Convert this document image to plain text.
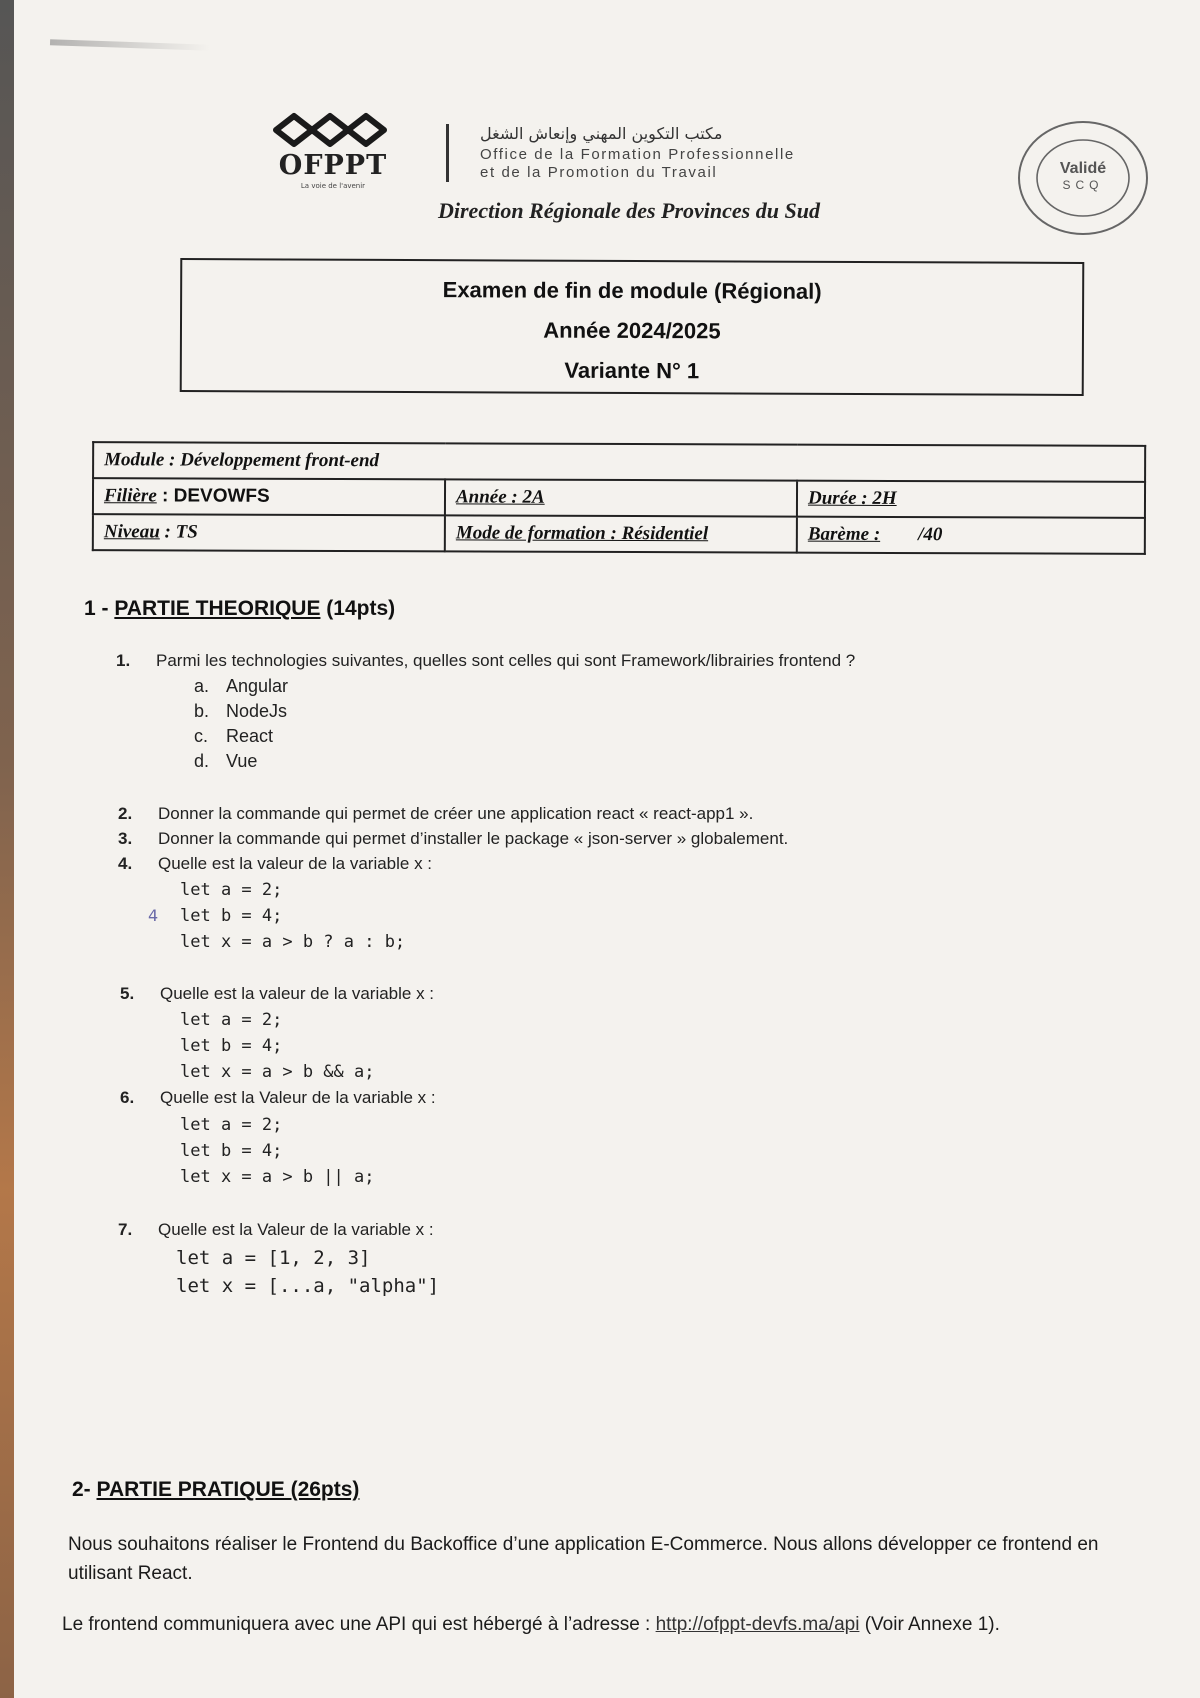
OFPPT
La voie de l'avenir
مكتب التكوين المهني وإنعاش الشغل
Office de la Formation Professionnelle
et de la Promotion du Travail
Direction Régionale des Provinces du Sud
Validé
SCQ
Examen de fin de module (Régional)
Année 2024/2025
Variante N° 1
Module : Développement front-end		
Filière : DEVOWFS	Année : 2A	Durée : 2H
Niveau : TS	Mode de formation : Résidentiel	Barème : /40
1 - PARTIE THEORIQUE (14pts)
1. Parmi les technologies suivantes, quelles sont celles qui sont Framework/librairies frontend ?
a. Angular
b. NodeJs
c. React
d. Vue
2. Donner la commande qui permet de créer une application react « react-app1 ».
3. Donner la commande qui permet d’installer le package « json-server » globalement.
4. Quelle est la valeur de la variable x :
let a = 2;
let b = 4;
let x = a > b ? a : b;
4
5. Quelle est la valeur de la variable x :
let a = 2;
let b = 4;
let x = a > b && a;
6. Quelle est la Valeur de la variable x :
let a = 2;
let b = 4;
let x = a > b || a;
7. Quelle est la Valeur de la variable x :
let a = [1, 2, 3]
let x = [...a, "alpha"]
2- PARTIE PRATIQUE (26pts)
Nous souhaitons réaliser le Frontend du Backoffice d’une application E-Commerce. Nous allons développer ce frontend en utilisant React.
Le frontend communiquera avec une API qui est hébergé à l’adresse : http://ofppt-devfs.ma/api (Voir Annexe 1).
